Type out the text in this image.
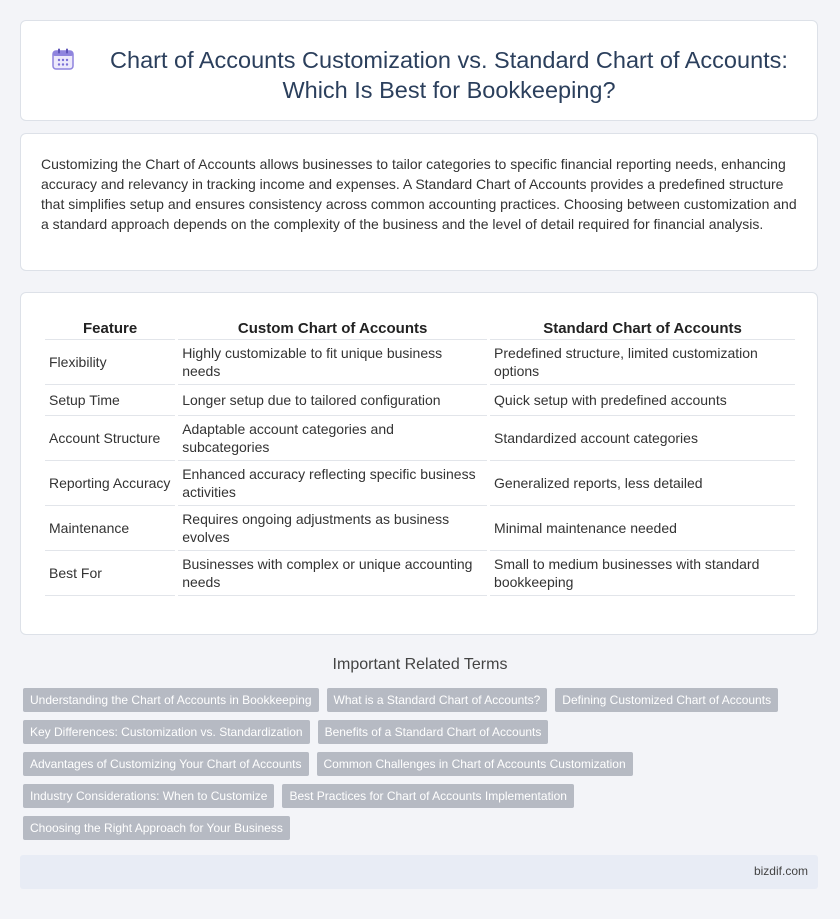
Chart of Accounts Customization vs. Standard Chart of Accounts:
Which Is Best for Bookkeeping?

Customizing the Chart of Accounts allows businesses to tailor categories to specific financial reporting needs, enhancing accuracy and relevancy in tracking income and expenses. A Standard Chart of Accounts provides a predefined structure that simplifies setup and ensures consistency across common accounting practices. Choosing between customization and a standard approach depends on the complexity of the business and the level of detail required for financial analysis.

Feature	Custom Chart of Accounts	Standard Chart of Accounts
Flexibility	Highly customizable to fit unique business needs	Predefined structure, limited customization options
Setup Time	Longer setup due to tailored configuration	Quick setup with predefined accounts
Account Structure	Adaptable account categories and subcategories	Standardized account categories
Reporting Accuracy	Enhanced accuracy reflecting specific business activities	Generalized reports, less detailed
Maintenance	Requires ongoing adjustments as business evolves	Minimal maintenance needed
Best For	Businesses with complex or unique accounting needs	Small to medium businesses with standard bookkeeping
Important Related Terms
Understanding the Chart of Accounts in Bookkeeping	What is a Standard Chart of Accounts?	Defining Customized Chart of Accounts
Key Differences: Customization vs. Standardization	Benefits of a Standard Chart of Accounts
Advantages of Customizing Your Chart of Accounts	Common Challenges in Chart of Accounts Customization
Industry Considerations: When to Customize	Best Practices for Chart of Accounts Implementation
Choosing the Right Approach for Your Business
bizdif.com
